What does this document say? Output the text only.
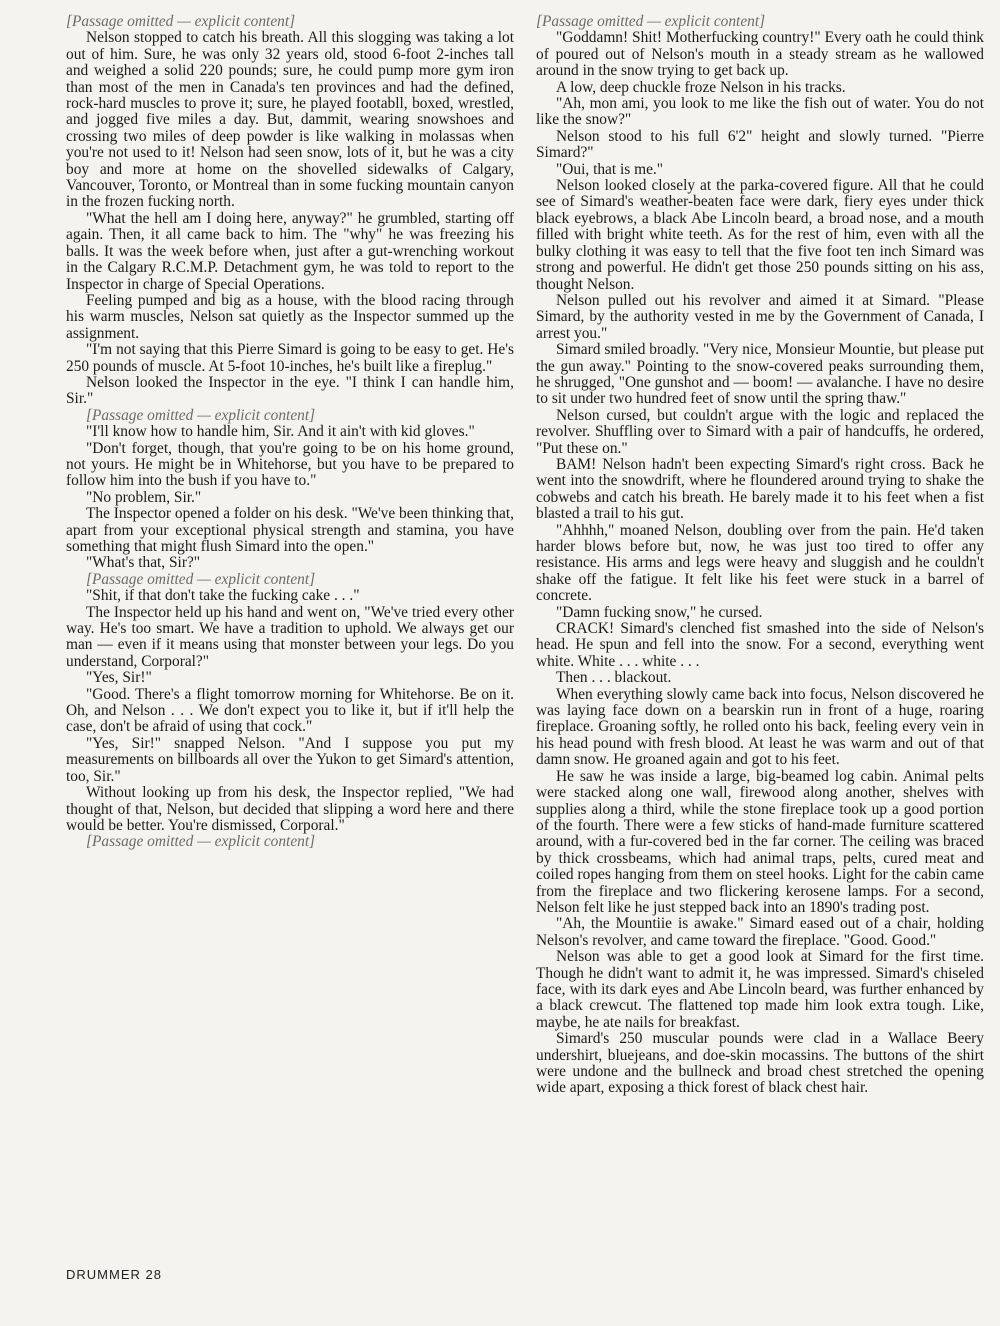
[Passage omitted — explicit content]

Nelson stopped to catch his breath. All this slogging was taking a lot out of him. Sure, he was only 32 years old, stood 6-foot 2-inches tall and weighed a solid 220 pounds; sure, he could pump more gym iron than most of the men in Canada's ten provinces and had the defined, rock-hard muscles to prove it; sure, he played footabll, boxed, wrestled, and jogged five miles a day. But, dammit, wearing snowshoes and crossing two miles of deep powder is like walking in molassas when you're not used to it! Nelson had seen snow, lots of it, but he was a city boy and more at home on the shovelled sidewalks of Calgary, Vancouver, Toronto, or Montreal than in some fucking mountain canyon in the frozen fucking north.

"What the hell am I doing here, anyway?" he grumbled, starting off again. Then, it all came back to him. The "why" he was freezing his balls. It was the week before when, just after a gut-wrenching workout in the Calgary R.C.M.P. Detachment gym, he was told to report to the Inspector in charge of Special Operations.

Feeling pumped and big as a house, with the blood racing through his warm muscles, Nelson sat quietly as the Inspector summed up the assignment.

"I'm not saying that this Pierre Simard is going to be easy to get. He's 250 pounds of muscle. At 5-foot 10-inches, he's built like a fireplug."

Nelson looked the Inspector in the eye. "I think I can handle him, Sir."

[Passage omitted — explicit content]

"I'll know how to handle him, Sir. And it ain't with kid gloves."

"Don't forget, though, that you're going to be on his home ground, not yours. He might be in Whitehorse, but you have to be prepared to follow him into the bush if you have to."

"No problem, Sir."

The Inspector opened a folder on his desk. "We've been thinking that, apart from your exceptional physical strength and stamina, you have something that might flush Simard into the open."

"What's that, Sir?"

[Passage omitted — explicit content]

"Shit, if that don't take the fucking cake . . ."

The Inspector held up his hand and went on, "We've tried every other way. He's too smart. We have a tradition to uphold. We always get our man — even if it means using that monster between your legs. Do you understand, Corporal?"

"Yes, Sir!"

"Good. There's a flight tomorrow morning for Whitehorse. Be on it. Oh, and Nelson . . . We don't expect you to like it, but if it'll help the case, don't be afraid of using that cock."

"Yes, Sir!" snapped Nelson. "And I suppose you put my measurements on billboards all over the Yukon to get Simard's attention, too, Sir."

Without looking up from his desk, the Inspector replied, "We had thought of that, Nelson, but decided that slipping a word here and there would be better. You're dismissed, Corporal."

[Passage omitted — explicit content]

[Passage omitted — explicit content]

"Goddamn! Shit! Motherfucking country!" Every oath he could think of poured out of Nelson's mouth in a steady stream as he wallowed around in the snow trying to get back up.

A low, deep chuckle froze Nelson in his tracks.

"Ah, mon ami, you look to me like the fish out of water. You do not like the snow?"

Nelson stood to his full 6'2" height and slowly turned. "Pierre Simard?"

"Oui, that is me."

Nelson looked closely at the parka-covered figure. All that he could see of Simard's weather-beaten face were dark, fiery eyes under thick black eyebrows, a black Abe Lincoln beard, a broad nose, and a mouth filled with bright white teeth. As for the rest of him, even with all the bulky clothing it was easy to tell that the five foot ten inch Simard was strong and powerful. He didn't get those 250 pounds sitting on his ass, thought Nelson.

Nelson pulled out his revolver and aimed it at Simard. "Please Simard, by the authority vested in me by the Government of Canada, I arrest you."

Simard smiled broadly. "Very nice, Monsieur Mountie, but please put the gun away." Pointing to the snow-covered peaks surrounding them, he shrugged, "One gunshot and — boom! — avalanche. I have no desire to sit under two hundred feet of snow until the spring thaw."

Nelson cursed, but couldn't argue with the logic and replaced the revolver. Shuffling over to Simard with a pair of handcuffs, he ordered, "Put these on."

BAM! Nelson hadn't been expecting Simard's right cross. Back he went into the snowdrift, where he floundered around trying to shake the cobwebs and catch his breath. He barely made it to his feet when a fist blasted a trail to his gut.

"Ahhhh," moaned Nelson, doubling over from the pain. He'd taken harder blows before but, now, he was just too tired to offer any resistance. His arms and legs were heavy and sluggish and he couldn't shake off the fatigue. It felt like his feet were stuck in a barrel of concrete.

"Damn fucking snow," he cursed.

CRACK! Simard's clenched fist smashed into the side of Nelson's head. He spun and fell into the snow. For a second, everything went white. White . . . white . . .

Then . . . blackout.

When everything slowly came back into focus, Nelson discovered he was laying face down on a bearskin run in front of a huge, roaring fireplace. Groaning softly, he rolled onto his back, feeling every vein in his head pound with fresh blood. At least he was warm and out of that damn snow. He groaned again and got to his feet.

He saw he was inside a large, big-beamed log cabin. Animal pelts were stacked along one wall, firewood along another, shelves with supplies along a third, while the stone fireplace took up a good portion of the fourth. There were a few sticks of hand-made furniture scattered around, with a fur-covered bed in the far corner. The ceiling was braced by thick crossbeams, which had animal traps, pelts, cured meat and coiled ropes hanging from them on steel hooks. Light for the cabin came from the fireplace and two flickering kerosene lamps. For a second, Nelson felt like he just stepped back into an 1890's trading post.

"Ah, the Mountiie is awake." Simard eased out of a chair, holding Nelson's revolver, and came toward the fireplace. "Good. Good."

Nelson was able to get a good look at Simard for the first time. Though he didn't want to admit it, he was impressed. Simard's chiseled face, with its dark eyes and Abe Lincoln beard, was further enhanced by a black crewcut. The flattened top made him look extra tough. Like, maybe, he ate nails for breakfast.

Simard's 250 muscular pounds were clad in a Wallace Beery undershirt, bluejeans, and doe-skin mocassins. The buttons of the shirt were undone and the bullneck and broad chest stretched the opening wide apart, exposing a thick forest of black chest hair.

DRUMMER 28
